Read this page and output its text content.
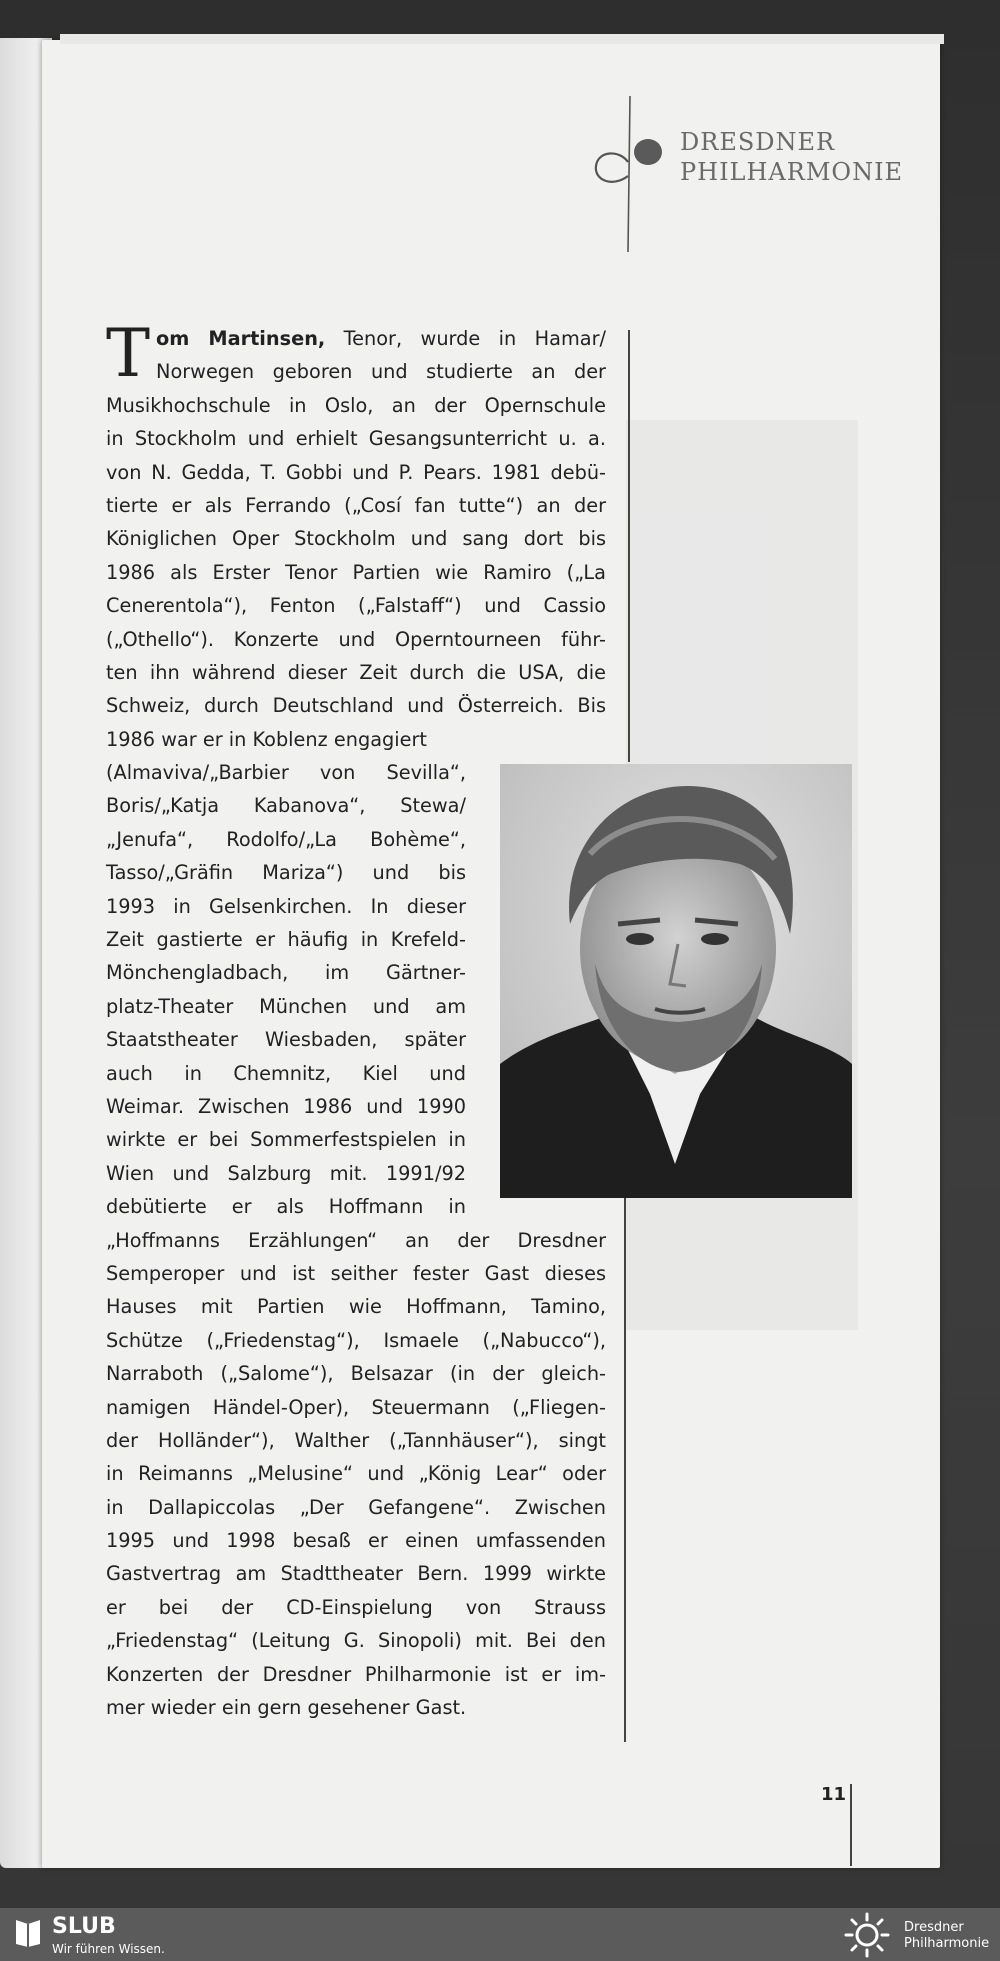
DRESDNER
PHILHARMONIE
Tom Martinsen, Tenor, wurde in Hamar/
Norwegen geboren und studierte an der
Musikhochschule in Oslo, an der Opernschule
in Stockholm und erhielt Gesangsunterricht u. a.
von N. Gedda, T. Gobbi und P. Pears. 1981 debü-
tierte er als Ferrando („Cosí fan tutte“) an der
Königlichen Oper Stockholm und sang dort bis
1986 als Erster Tenor Partien wie Ramiro („La
Cenerentola“), Fenton („Falstaff“) und Cassio
(„Othello“). Konzerte und Operntourneen führ-
ten ihn während dieser Zeit durch die USA, die
Schweiz, durch Deutschland und Österreich. Bis
1986 war er in Koblenz engagiert
(Almaviva/„Barbier von Sevilla“,
Boris/„Katja Kabanova“, Stewa/
„Jenufa“, Rodolfo/„La Bohème“,
Tasso/„Gräfin Mariza“) und bis
1993 in Gelsenkirchen. In dieser
Zeit gastierte er häufig in Krefeld-
Mönchengladbach, im Gärtner-
platz-Theater München und am
Staatstheater Wiesbaden, später
auch in Chemnitz, Kiel und
Weimar. Zwischen 1986 und 1990
wirkte er bei Sommerfestspielen in
Wien und Salzburg mit. 1991/92
debütierte er als Hoffmann in
„Hoffmanns Erzählungen“ an der Dresdner
Semperoper und ist seither fester Gast dieses
Hauses mit Partien wie Hoffmann, Tamino,
Schütze („Friedenstag“), Ismaele („Nabucco“),
Narraboth („Salome“), Belsazar (in der gleich-
namigen Händel-Oper), Steuermann („Fliegen-
der Holländer“), Walther („Tannhäuser“), singt
in Reimanns „Melusine“ und „König Lear“ oder
in Dallapiccolas „Der Gefangene“. Zwischen
1995 und 1998 besaß er einen umfassenden
Gastvertrag am Stadttheater Bern. 1999 wirkte
er bei der CD-Einspielung von Strauss
„Friedenstag“ (Leitung G. Sinopoli) mit. Bei den
Konzerten der Dresdner Philharmonie ist er im-
mer wieder ein gern gesehener Gast.
11
SLUB
Wir führen Wissen.
Dresdner
Philharmonie
